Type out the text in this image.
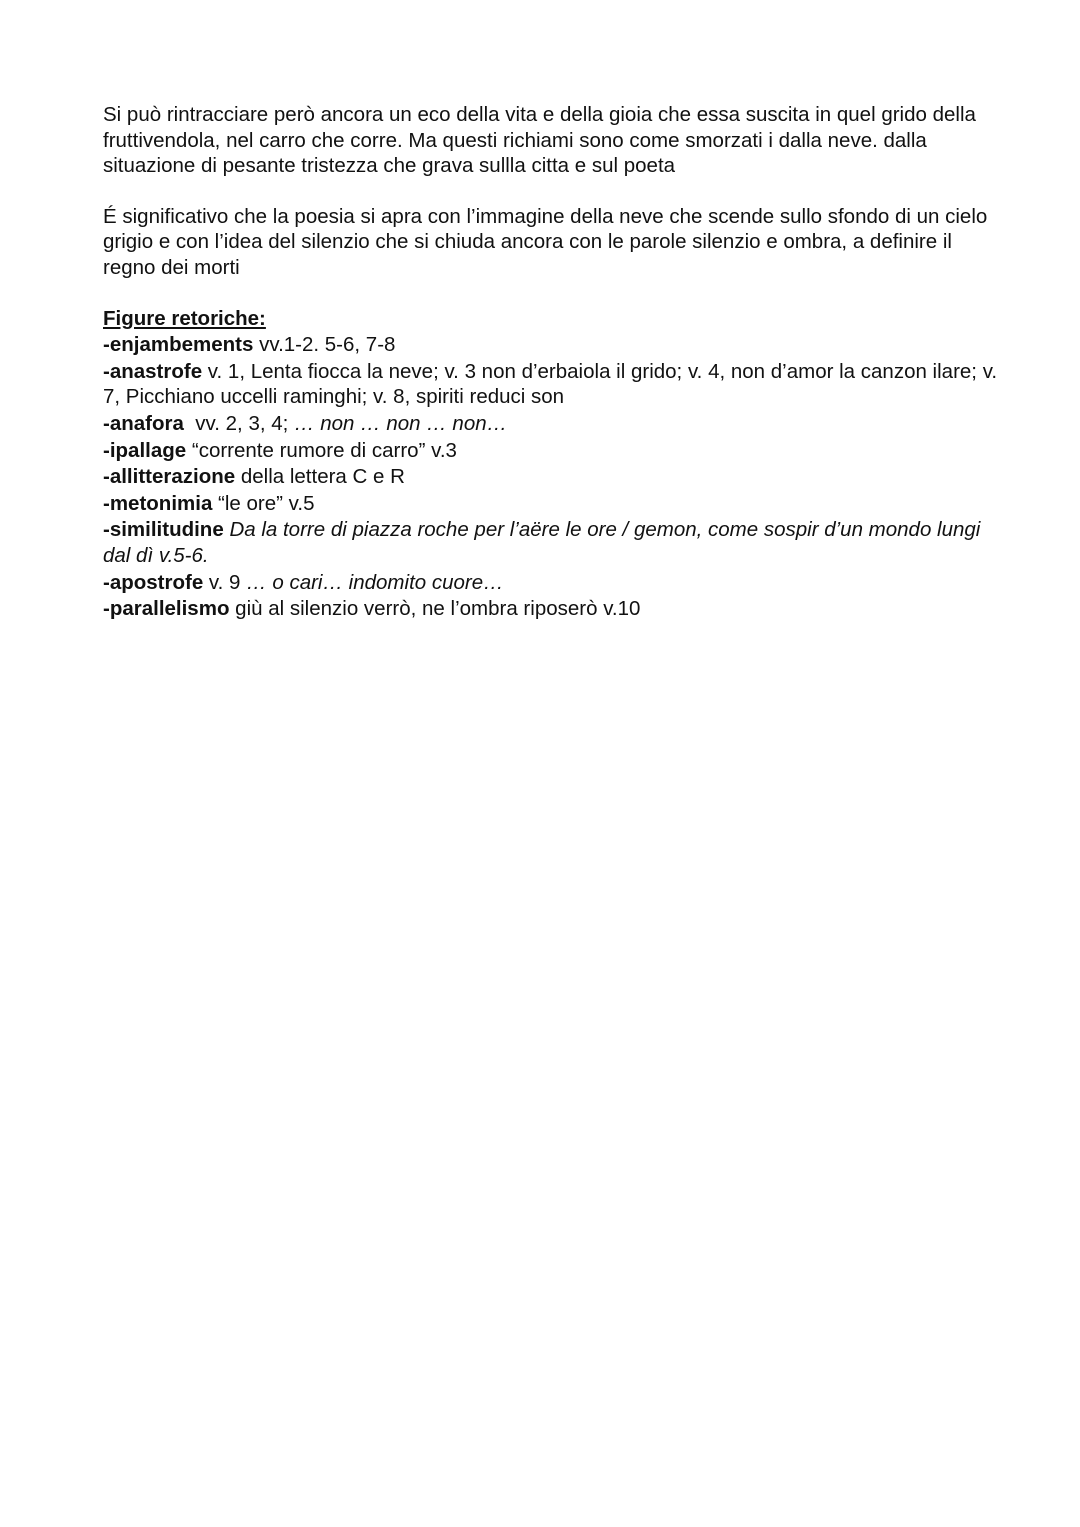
Si può rintracciare però ancora un eco della vita e della gioia che essa suscita in quel grido della fruttivendola, nel carro che corre. Ma questi richiami sono come smorzati i dalla neve. dalla situazione di pesante tristezza che grava sullla citta e sul poeta

É significativo che la poesia si apra con l’immagine della neve che scende sullo sfondo di un cielo grigio e con l’idea del silenzio che si chiuda ancora con le parole silenzio e ombra, a definire il regno dei morti

Figure retoriche:

-enjambements vv.1-2. 5-6, 7-8

-anastrofe v. 1, Lenta fiocca la neve; v. 3 non d’erbaiola il grido; v. 4, non d’amor la canzon ilare; v. 7, Picchiano uccelli raminghi; v. 8, spiriti reduci son

-anafora  vv. 2, 3, 4; … non … non … non…

-ipallage “corrente rumore di carro” v.3

-allitterazione della lettera C e R

-metonimia “le ore” v.5

-similitudine Da la torre di piazza roche per l’aëre le ore / gemon, come sospir d’un mondo lungi dal dì v.5-6.

-apostrofe v. 9 … o cari… indomito cuore…

-parallelismo giù al silenzio verrò, ne l’ombra riposerò v.10
